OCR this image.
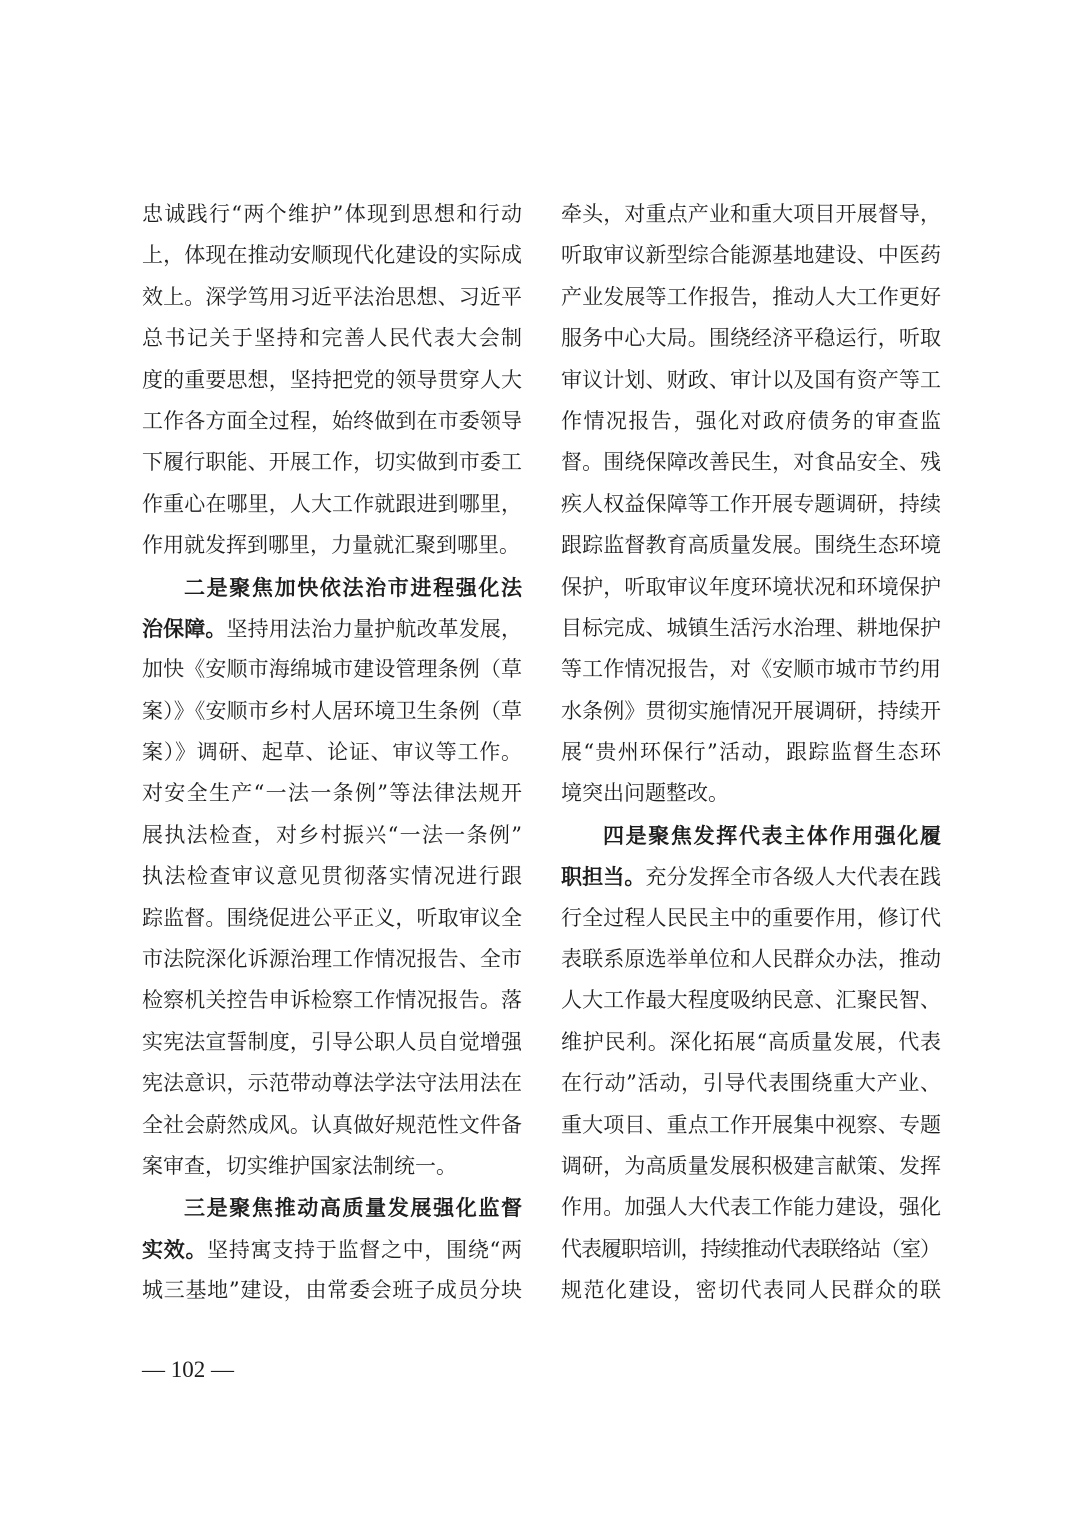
忠诚践行“两个维护”体现到思想和行动
上，体现在推动安顺现代化建设的实际成
效上。深学笃用习近平法治思想、习近平
总书记关于坚持和完善人民代表大会制
度的重要思想，坚持把党的领导贯穿人大
工作各方面全过程，始终做到在市委领导
下履行职能、开展工作，切实做到市委工
作重心在哪里，人大工作就跟进到哪里，
作用就发挥到哪里，力量就汇聚到哪里。
二是聚焦加快依法治市进程强化法
治保障。坚持用法治力量护航改革发展，
加快《安顺市海绵城市建设管理条例（草
案）》《安顺市乡村人居环境卫生条例（草
案）》调研、起草、论证、审议等工作。
对安全生产“一法一条例”等法律法规开
展执法检查，对乡村振兴“一法一条例”
执法检查审议意见贯彻落实情况进行跟
踪监督。围绕促进公平正义，听取审议全
市法院深化诉源治理工作情况报告、全市
检察机关控告申诉检察工作情况报告。落
实宪法宣誓制度，引导公职人员自觉增强
宪法意识，示范带动尊法学法守法用法在
全社会蔚然成风。认真做好规范性文件备
案审查，切实维护国家法制统一。
三是聚焦推动高质量发展强化监督
实效。坚持寓支持于监督之中，围绕“两
城三基地”建设，由常委会班子成员分块
牵头，对重点产业和重大项目开展督导，
听取审议新型综合能源基地建设、中医药
产业发展等工作报告，推动人大工作更好
服务中心大局。围绕经济平稳运行，听取
审议计划、财政、审计以及国有资产等工
作情况报告，强化对政府债务的审查监
督。围绕保障改善民生，对食品安全、残
疾人权益保障等工作开展专题调研，持续
跟踪监督教育高质量发展。围绕生态环境
保护，听取审议年度环境状况和环境保护
目标完成、城镇生活污水治理、耕地保护
等工作情况报告，对《安顺市城市节约用
水条例》贯彻实施情况开展调研，持续开
展“贵州环保行”活动，跟踪监督生态环
境突出问题整改。
四是聚焦发挥代表主体作用强化履
职担当。充分发挥全市各级人大代表在践
行全过程人民民主中的重要作用，修订代
表联系原选举单位和人民群众办法，推动
人大工作最大程度吸纳民意、汇聚民智、
维护民利。深化拓展“高质量发展，代表
在行动”活动，引导代表围绕重大产业、
重大项目、重点工作开展集中视察、专题
调研，为高质量发展积极建言献策、发挥
作用。加强人大代表工作能力建设，强化
代表履职培训，持续推动代表联络站（室）
规范化建设，密切代表同人民群众的联
— 102 —
